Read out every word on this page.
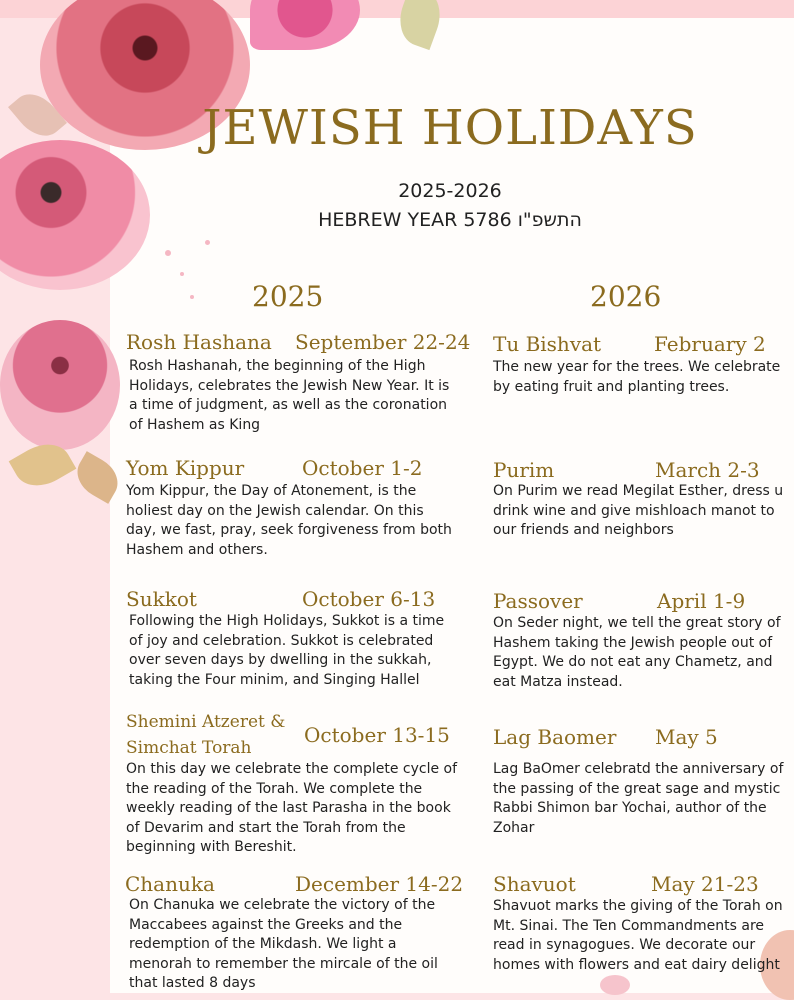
JEWISH HOLIDAYS
2025-2026
HEBREW YEAR 5786 התשפ"ו
2025	2026
Rosh Hashana September 22-24
Rosh Hashanah, the beginning of the High
Holidays, celebrates the Jewish New Year. It is
a time of judgment, as well as the coronation
of Hashem as King
Yom Kippur	October 1-2
Yom Kippur, the Day of Atonement, is the
holiest day on the Jewish calendar. On this
day, we fast, pray, seek forgiveness from both
Hashem and others.
Sukkot	October 6-13
Following the High Holidays, Sukkot is a time
of joy and celebration. Sukkot is celebrated
over seven days by dwelling in the sukkah,
taking the Four minim, and Singing Hallel
Shemini Atzeret &
Simchat Torah
October 13-15
On this day we celebrate the complete cycle of
the reading of the Torah. We complete the
weekly reading of the last Parasha in the book
of Devarim and start the Torah from the
beginning with Bereshit.
Chanuka	December 14-22
On Chanuka we celebrate the victory of the
Maccabees against the Greeks and the
redemption of the Mikdash. We light a
menorah to remember the mircale of the oil
that lasted 8 days
Tu Bishvat	February 2
The new year for the trees. We celebrate
by eating fruit and planting trees.
Purim	March 2-3
On Purim we read Megilat Esther, dress u
drink wine and give mishloach manot to
our friends and neighbors
Passover	April 1-9
On Seder night, we tell the great story of
Hashem taking the Jewish people out of
Egypt. We do not eat any Chametz, and
eat Matza instead.
Lag Baomer May 5
Lag BaOmer celebratd the anniversary of
the passing of the great sage and mystic
Rabbi Shimon bar Yochai, author of the
Zohar
Shavuot	May 21-23
Shavuot marks the giving of the Torah on
Mt. Sinai. The Ten Commandments are
read in synagogues. We decorate our
homes with flowers and eat dairy delight
